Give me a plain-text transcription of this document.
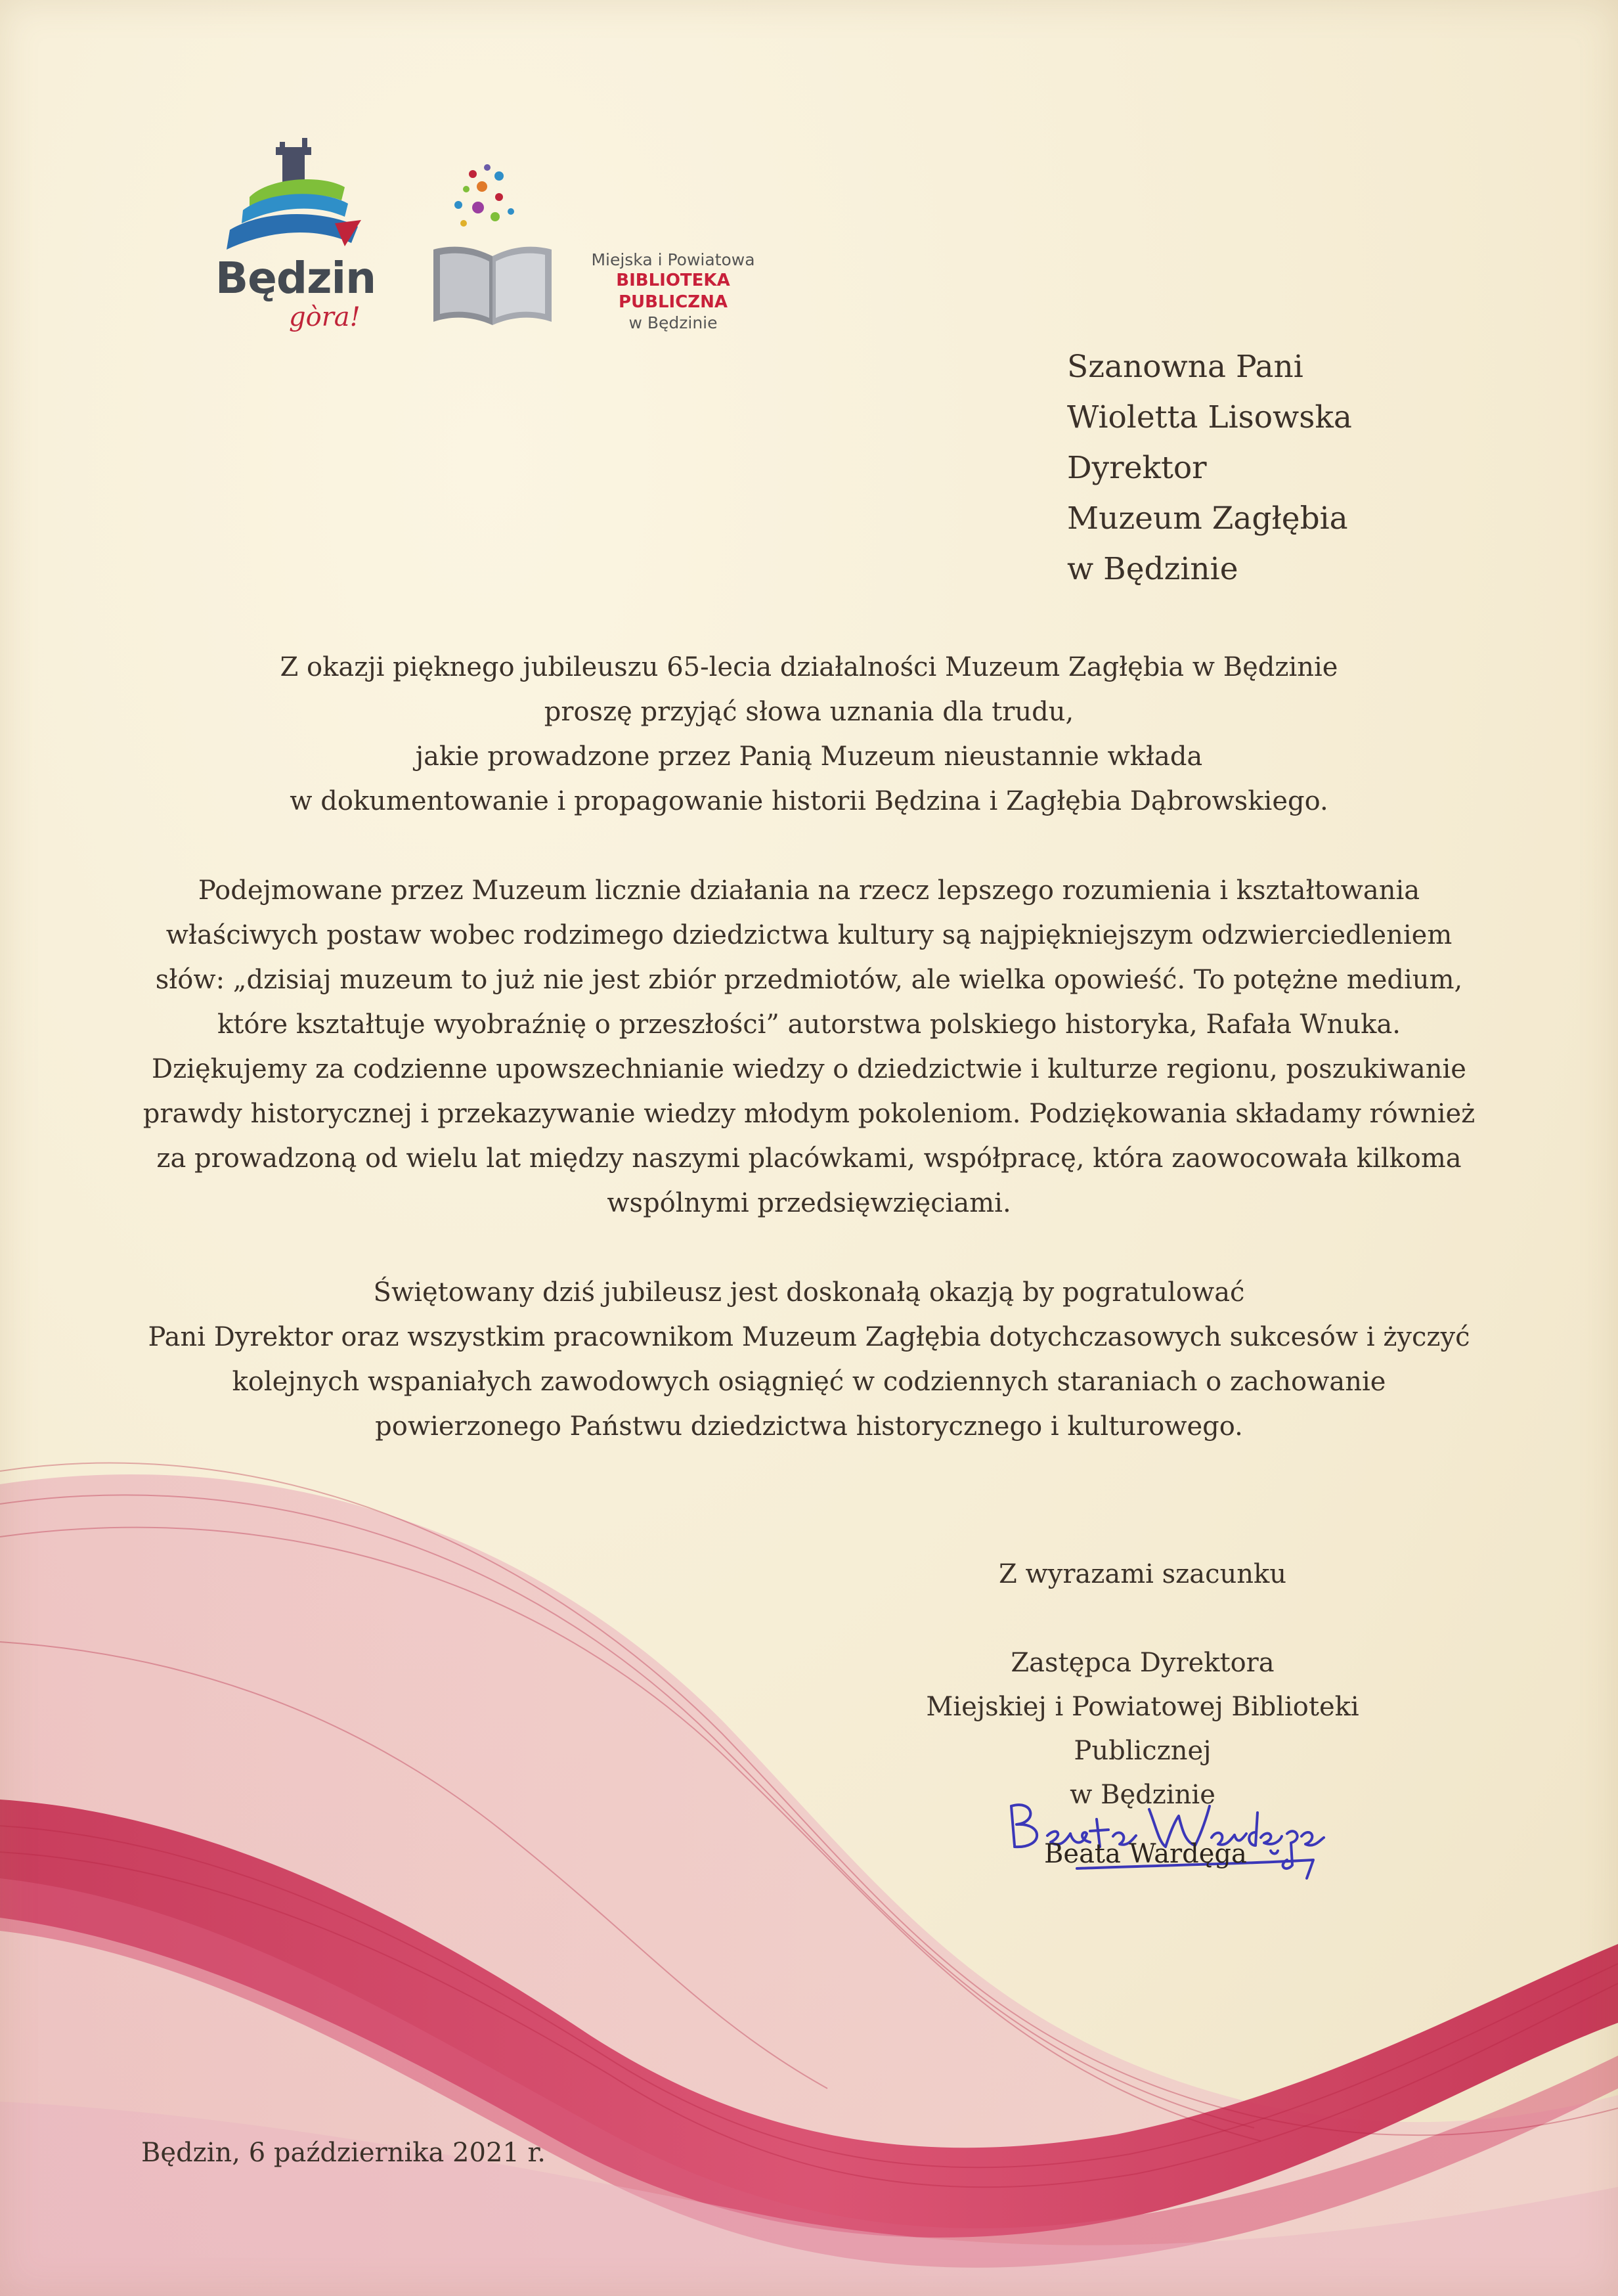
Będzin
gòra!
Miejska i Powiatowa
BIBLIOTEKA PUBLICZNA
w Będzinie
Szanowna Pani
Wioletta Lisowska
Dyrektor
Muzeum Zagłębia
w Będzinie
Z okazji pięknego jubileuszu 65-lecia działalności Muzeum Zagłębia w Będzinie
proszę przyjąć słowa uznania dla trudu,
jakie prowadzone przez Panią Muzeum nieustannie wkłada
w dokumentowanie i propagowanie historii Będzina i Zagłębia Dąbrowskiego.
Podejmowane przez Muzeum licznie działania na rzecz lepszego rozumienia i kształtowania
właściwych postaw wobec rodzimego dziedzictwa kultury są najpiękniejszym odzwierciedleniem
słów: „dzisiaj muzeum to już nie jest zbiór przedmiotów, ale wielka opowieść. To potężne medium,
które kształtuje wyobraźnię o przeszłości” autorstwa polskiego historyka, Rafała Wnuka.
Dziękujemy za codzienne upowszechnianie wiedzy o dziedzictwie i kulturze regionu, poszukiwanie
prawdy historycznej i przekazywanie wiedzy młodym pokoleniom. Podziękowania składamy również
za prowadzoną od wielu lat między naszymi placówkami, współpracę, która zaowocowała kilkoma
wspólnymi przedsięwzięciami.
Świętowany dziś jubileusz jest doskonałą okazją by pogratulować
Pani Dyrektor oraz wszystkim pracownikom Muzeum Zagłębia dotychczasowych sukcesów i życzyć
kolejnych wspaniałych zawodowych osiągnięć w codziennych staraniach o zachowanie
powierzonego Państwu dziedzictwa historycznego i kulturowego.
Z wyrazami szacunku
Zastępca Dyrektora
Miejskiej i Powiatowej Biblioteki Publicznej
w Będzinie
Beata Wardęga
Będzin, 6 października 2021 r.
